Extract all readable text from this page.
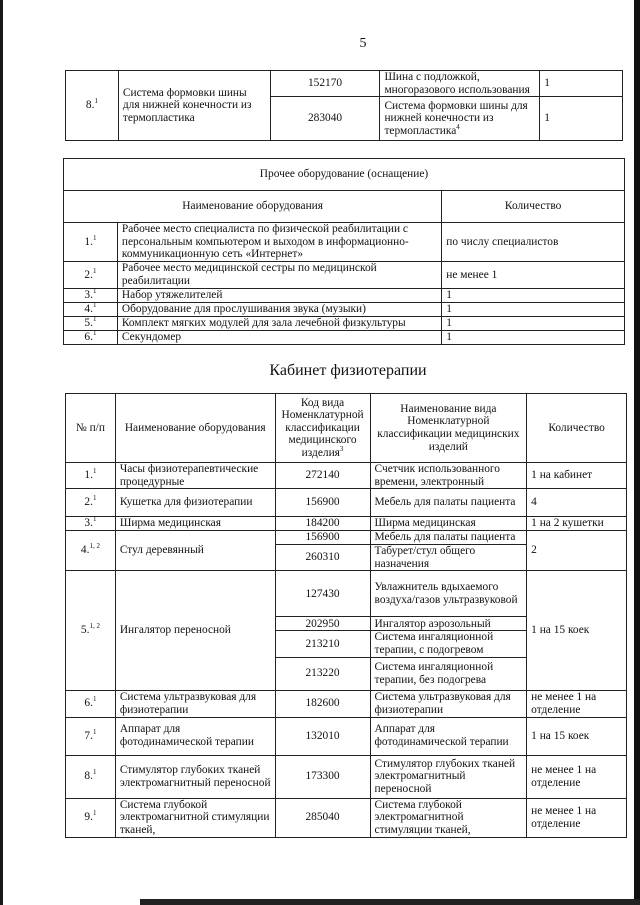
5
8.$^1$	Система формовки шины для нижней конечности из термопластика	152170	Шина с подложкой, многоразового использования	1
		283040	Система формовки шины для нижней конечности из термопластика$^4$	1
Прочее оборудование (оснащение)		
Наименование оборудования		Количество
1.$^1$	Рабочее место специалиста по физической реабилитации с персональным компьютером и выходом в информационно-коммуникационную сеть «Интернет»	по числу специалистов
2.$^1$	Рабочее место медицинской сестры по медицинской реабилитации	не менее 1
3.$^1$	Набор утяжелителей	1
4.$^1$	Оборудование для прослушивания звука (музыки)	1
5.$^1$	Комплект мягких модулей для зала лечебной физкультуры	1
6.$^1$	Секундомер	1
Кабинет физиотерапии
№ п/п	Наименование оборудования	Код вида Номенклатурной классификации медицинского изделия$^3$	Наименование вида Номенклатурной классификации медицинских изделий	Количество
1.$^1$	Часы физиотерапевтические процедурные	272140	Счетчик использованного времени, электронный	1 на кабинет
2.$^1$	Кушетка для физиотерапии	156900	Мебель для палаты пациента	4
3.$^1$	Ширма медицинская	184200	Ширма медицинская	1 на 2 кушетки
4.$^{1, 2}$	Стул деревянный	156900	Мебель для палаты пациента	2
		260310	Табурет/стул общего назначения	
5.$^{1, 2}$	Ингалятор переносной	127430	Увлажнитель вдыхаемого воздуха/газов ультразвуковой	1 на 15 коек
		202950	Ингалятор аэрозольный	
		213210	Система ингаляционной терапии, с подогревом	
		213220	Система ингаляционной терапии, без подогрева	
6.$^1$	Система ультразвуковая для физиотерапии	182600	Система ультразвуковая для физиотерапии	не менее 1 на отделение
7.$^1$	Аппарат для фотодинамической терапии	132010	Аппарат для фотодинамической терапии	1 на 15 коек
8.$^1$	Стимулятор глубоких тканей электромагнитный переносной	173300	Стимулятор глубоких тканей электромагнитный переносной	не менее 1 на отделение
9.$^1$	Система глубокой электромагнитной стимуляции тканей,	285040	Система глубокой электромагнитной стимуляции тканей,	не менее 1 на отделение
